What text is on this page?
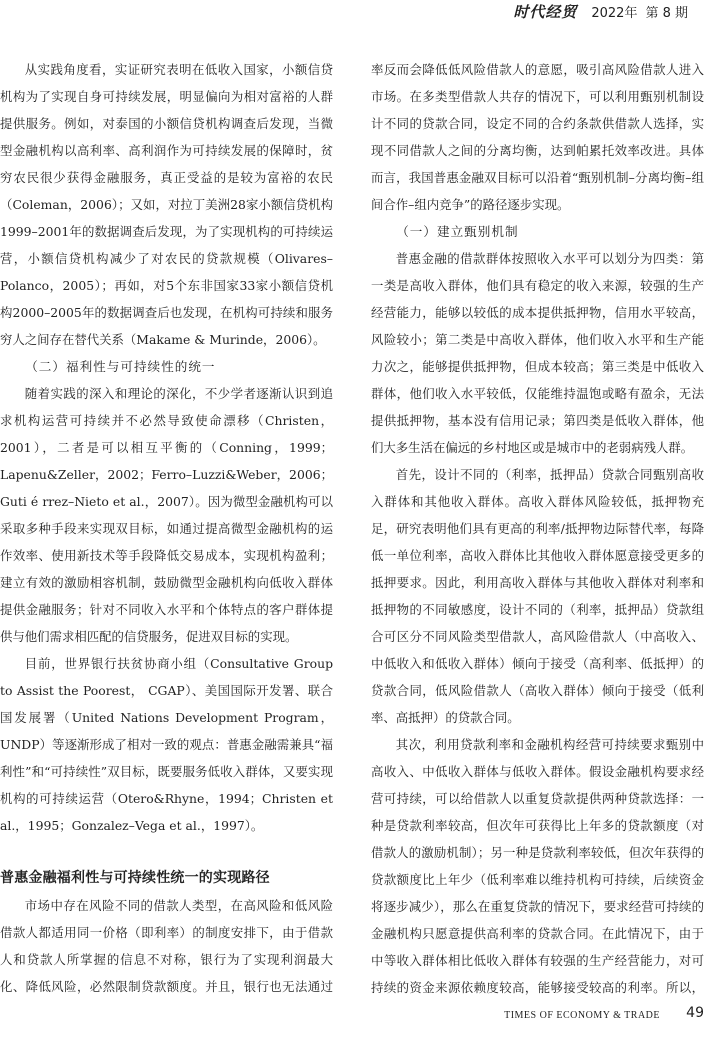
时代经贸 2022年 第 8 期

从实践角度看，实证研究表明在低收入国家，小额信贷机构为了实现自身可持续发展，明显偏向为相对富裕的人群提供服务。例如，对泰国的小额信贷机构调查后发现，当微型金融机构以高利率、高利润作为可持续发展的保障时，贫穷农民很少获得金融服务，真正受益的是较为富裕的农民（Coleman，2006）；又如，对拉丁美洲28家小额信贷机构1999–2001年的数据调查后发现，为了实现机构的可持续运营，小额信贷机构减少了对农民的贷款规模（Olivares–Polanco，2005）；再如，对5个东非国家33家小额信贷机构2000–2005年的数据调查后也发现，在机构可持续和服务穷人之间存在替代关系（Makame & Murinde，2006）。

（二）福利性与可持续性的统一

随着实践的深入和理论的深化，不少学者逐渐认识到追求机构运营可持续并不必然导致使命漂移（Christen，2001），二者是可以相互平衡的（Conning，1999；Lapenu&Zeller，2002；Ferro–Luzzi&Weber，2006；Guti é rrez–Nieto et al.，2007）。因为微型金融机构可以采取多种手段来实现双目标，如通过提高微型金融机构的运作效率、使用新技术等手段降低交易成本，实现机构盈利；建立有效的激励相容机制，鼓励微型金融机构向低收入群体提供金融服务；针对不同收入水平和个体特点的客户群体提供与他们需求相匹配的信贷服务，促进双目标的实现。

目前，世界银行扶贫协商小组（Consultative Group to Assist the Poorest， CGAP）、美国国际开发署、联合国发展署（United Nations Development Program，UNDP）等逐渐形成了相对一致的观点：普惠金融需兼具“福利性”和“可持续性”双目标，既要服务低收入群体，又要实现机构的可持续运营（Otero&Rhyne，1994；Christen et al.，1995；Gonzalez–Vega et al.，1997）。

普惠金融福利性与可持续性统一的实现路径

市场中存在风险不同的借款人类型，在高风险和低风险借款人都适用同一价格（即利率）的制度安排下，由于借款人和贷款人所掌握的信息不对称，银行为了实现利润最大化、降低风险，必然限制贷款额度。并且，银行也无法通过

率反而会降低低风险借款人的意愿，吸引高风险借款人进入市场。在多类型借款人共存的情况下，可以利用甄别机制设计不同的贷款合同，设定不同的合约条款供借款人选择，实现不同借款人之间的分离均衡，达到帕累托效率改进。具体而言，我国普惠金融双目标可以沿着“甄别机制–分离均衡–组间合作–组内竞争”的路径逐步实现。

（一）建立甄别机制

普惠金融的借款群体按照收入水平可以划分为四类：第一类是高收入群体，他们具有稳定的收入来源，较强的生产经营能力，能够以较低的成本提供抵押物，信用水平较高，风险较小；第二类是中高收入群体，他们收入水平和生产能力次之，能够提供抵押物，但成本较高；第三类是中低收入群体，他们收入水平较低，仅能维持温饱或略有盈余，无法提供抵押物，基本没有信用记录；第四类是低收入群体，他们大多生活在偏远的乡村地区或是城市中的老弱病残人群。

首先，设计不同的（利率，抵押品）贷款合同甄别高收入群体和其他收入群体。高收入群体风险较低，抵押物充足，研究表明他们具有更高的利率/抵押物边际替代率，每降低一单位利率，高收入群体比其他收入群体愿意接受更多的抵押要求。因此，利用高收入群体与其他收入群体对利率和抵押物的不同敏感度，设计不同的（利率，抵押品）贷款组合可区分不同风险类型借款人，高风险借款人（中高收入、中低收入和低收入群体）倾向于接受（高利率、低抵押）的贷款合同，低风险借款人（高收入群体）倾向于接受（低利率、高抵押）的贷款合同。

其次，利用贷款利率和金融机构经营可持续要求甄别中高收入、中低收入群体与低收入群体。假设金融机构要求经营可持续，可以给借款人以重复贷款提供两种贷款选择：一种是贷款利率较高，但次年可获得比上年多的贷款额度（对借款人的激励机制）；另一种是贷款利率较低，但次年获得的贷款额度比上年少（低利率难以维持机构可持续，后续资金将逐步减少），那么在重复贷款的情况下，要求经营可持续的金融机构只愿意提供高利率的贷款合同。在此情况下，由于中等收入群体相比低收入群体有较强的生产经营能力，对可持续的资金来源依赖度较高，能够接受较高的利率。所以，

TIMES OF ECONOMY & TRADE 49
